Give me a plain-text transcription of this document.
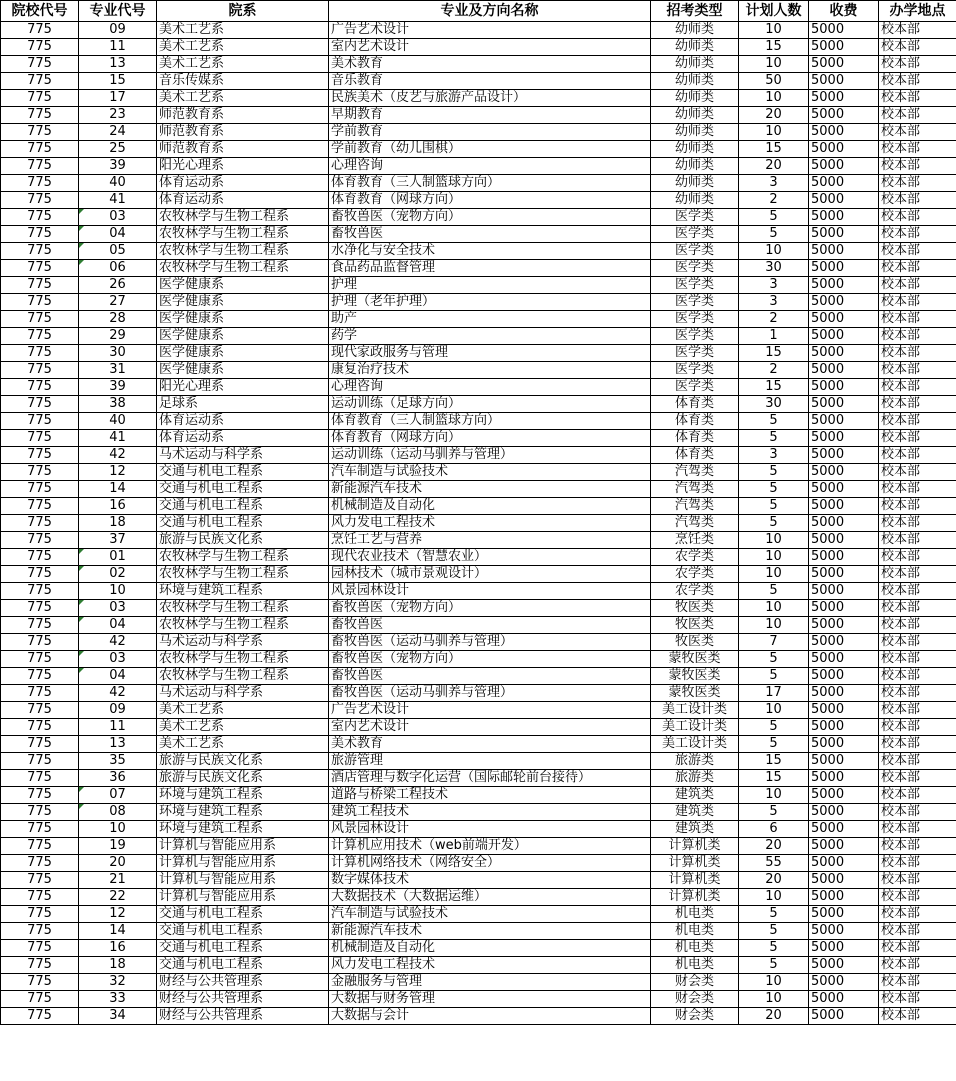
院校代号	专业代号	院系	专业及方向名称	招考类型	计划人数	收费	办学地点
775	09	美术工艺系	广告艺术设计	幼师类	10	5000	校本部
775	11	美术工艺系	室内艺术设计	幼师类	15	5000	校本部
775	13	美术工艺系	美术教育	幼师类	10	5000	校本部
775	15	音乐传媒系	音乐教育	幼师类	50	5000	校本部
775	17	美术工艺系	民族美术（皮艺与旅游产品设计）	幼师类	10	5000	校本部
775	23	师范教育系	早期教育	幼师类	20	5000	校本部
775	24	师范教育系	学前教育	幼师类	10	5000	校本部
775	25	师范教育系	学前教育（幼儿围棋）	幼师类	15	5000	校本部
775	39	阳光心理系	心理咨询	幼师类	20	5000	校本部
775	40	体育运动系	体育教育（三人制篮球方向）	幼师类	3	5000	校本部
775	41	体育运动系	体育教育（网球方向）	幼师类	2	5000	校本部
775	03	农牧林学与生物工程系	畜牧兽医（宠物方向）	医学类	5	5000	校本部
775	04	农牧林学与生物工程系	畜牧兽医	医学类	5	5000	校本部
775	05	农牧林学与生物工程系	水净化与安全技术	医学类	10	5000	校本部
775	06	农牧林学与生物工程系	食品药品监督管理	医学类	30	5000	校本部
775	26	医学健康系	护理	医学类	3	5000	校本部
775	27	医学健康系	护理（老年护理）	医学类	3	5000	校本部
775	28	医学健康系	助产	医学类	2	5000	校本部
775	29	医学健康系	药学	医学类	1	5000	校本部
775	30	医学健康系	现代家政服务与管理	医学类	15	5000	校本部
775	31	医学健康系	康复治疗技术	医学类	2	5000	校本部
775	39	阳光心理系	心理咨询	医学类	15	5000	校本部
775	38	足球系	运动训练（足球方向）	体育类	30	5000	校本部
775	40	体育运动系	体育教育（三人制篮球方向）	体育类	5	5000	校本部
775	41	体育运动系	体育教育（网球方向）	体育类	5	5000	校本部
775	42	马术运动与科学系	运动训练（运动马驯养与管理）	体育类	3	5000	校本部
775	12	交通与机电工程系	汽车制造与试验技术	汽驾类	5	5000	校本部
775	14	交通与机电工程系	新能源汽车技术	汽驾类	5	5000	校本部
775	16	交通与机电工程系	机械制造及自动化	汽驾类	5	5000	校本部
775	18	交通与机电工程系	风力发电工程技术	汽驾类	5	5000	校本部
775	37	旅游与民族文化系	烹饪工艺与营养	烹饪类	10	5000	校本部
775	01	农牧林学与生物工程系	现代农业技术（智慧农业）	农学类	10	5000	校本部
775	02	农牧林学与生物工程系	园林技术（城市景观设计）	农学类	10	5000	校本部
775	10	环境与建筑工程系	风景园林设计	农学类	5	5000	校本部
775	03	农牧林学与生物工程系	畜牧兽医（宠物方向）	牧医类	10	5000	校本部
775	04	农牧林学与生物工程系	畜牧兽医	牧医类	10	5000	校本部
775	42	马术运动与科学系	畜牧兽医（运动马驯养与管理）	牧医类	7	5000	校本部
775	03	农牧林学与生物工程系	畜牧兽医（宠物方向）	蒙牧医类	5	5000	校本部
775	04	农牧林学与生物工程系	畜牧兽医	蒙牧医类	5	5000	校本部
775	42	马术运动与科学系	畜牧兽医（运动马驯养与管理）	蒙牧医类	17	5000	校本部
775	09	美术工艺系	广告艺术设计	美工设计类	10	5000	校本部
775	11	美术工艺系	室内艺术设计	美工设计类	5	5000	校本部
775	13	美术工艺系	美术教育	美工设计类	5	5000	校本部
775	35	旅游与民族文化系	旅游管理	旅游类	15	5000	校本部
775	36	旅游与民族文化系	酒店管理与数字化运营（国际邮轮前台接待）	旅游类	15	5000	校本部
775	07	环境与建筑工程系	道路与桥梁工程技术	建筑类	10	5000	校本部
775	08	环境与建筑工程系	建筑工程技术	建筑类	5	5000	校本部
775	10	环境与建筑工程系	风景园林设计	建筑类	6	5000	校本部
775	19	计算机与智能应用系	计算机应用技术（web前端开发）	计算机类	20	5000	校本部
775	20	计算机与智能应用系	计算机网络技术（网络安全）	计算机类	55	5000	校本部
775	21	计算机与智能应用系	数字媒体技术	计算机类	20	5000	校本部
775	22	计算机与智能应用系	大数据技术（大数据运维）	计算机类	10	5000	校本部
775	12	交通与机电工程系	汽车制造与试验技术	机电类	5	5000	校本部
775	14	交通与机电工程系	新能源汽车技术	机电类	5	5000	校本部
775	16	交通与机电工程系	机械制造及自动化	机电类	5	5000	校本部
775	18	交通与机电工程系	风力发电工程技术	机电类	5	5000	校本部
775	32	财经与公共管理系	金融服务与管理	财会类	10	5000	校本部
775	33	财经与公共管理系	大数据与财务管理	财会类	10	5000	校本部
775	34	财经与公共管理系	大数据与会计	财会类	20	5000	校本部
